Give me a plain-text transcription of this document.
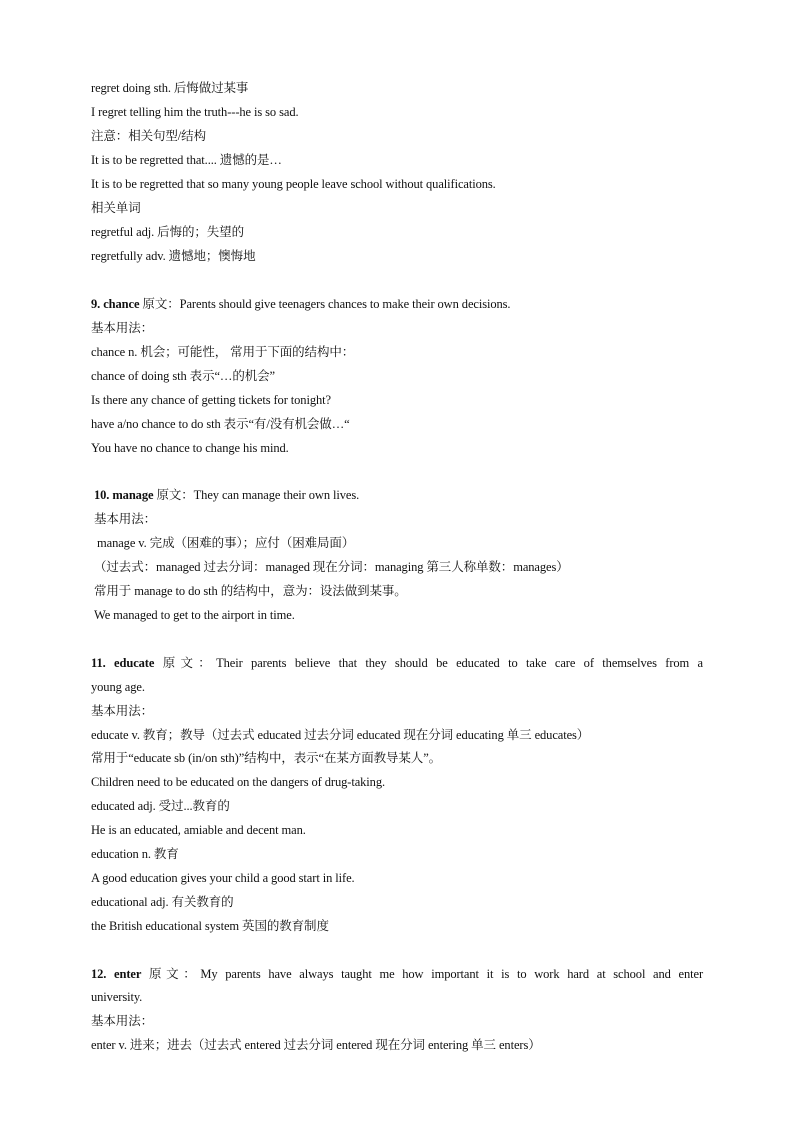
regret doing sth. 后悔做过某事
I regret telling him the truth---he is so sad.
注意：相关句型/结构
It is to be regretted that.... 遗憾的是…
It is to be regretted that so many young people leave school without qualifications.
相关单词
regretful adj. 后悔的；失望的
regretfully adv. 遗憾地；懊悔地
9. chance 原文：Parents should give teenagers chances to make their own decisions.
基本用法：
chance n. 机会；可能性， 常用于下面的结构中：
chance of doing sth 表示“…的机会”
Is there any chance of getting tickets for tonight?
have a/no chance to do sth 表示“有/没有机会做…“
You have no chance to change his mind.
10. manage 原文：They can manage their own lives.
基本用法：
manage v. 完成（困难的事）；应付（困难局面）
（过去式：managed 过去分词：managed 现在分词：managing 第三人称单数：manages）
常用于 manage to do sth 的结构中，意为：设法做到某事。
We managed to get to the airport in time.
11. educate 原文：Their parents believe that they should be educated to take care of themselves from a
young age.
基本用法：
educate v. 教育；教导（过去式 educated 过去分词 educated 现在分词 educating 单三 educates）
常用于“educate sb (in/on sth)”结构中，表示“在某方面教导某人”。
Children need to be educated on the dangers of drug-taking.
educated adj. 受过...教育的
He is an educated, amiable and decent man.
education n. 教育
A good education gives your child a good start in life.
educational adj. 有关教育的
the British educational system 英国的教育制度
12. enter 原文：My parents have always taught me how important it is to work hard at school and enter
university.
基本用法：
enter v. 进来；进去（过去式 entered 过去分词 entered 现在分词 entering 单三 enters）
